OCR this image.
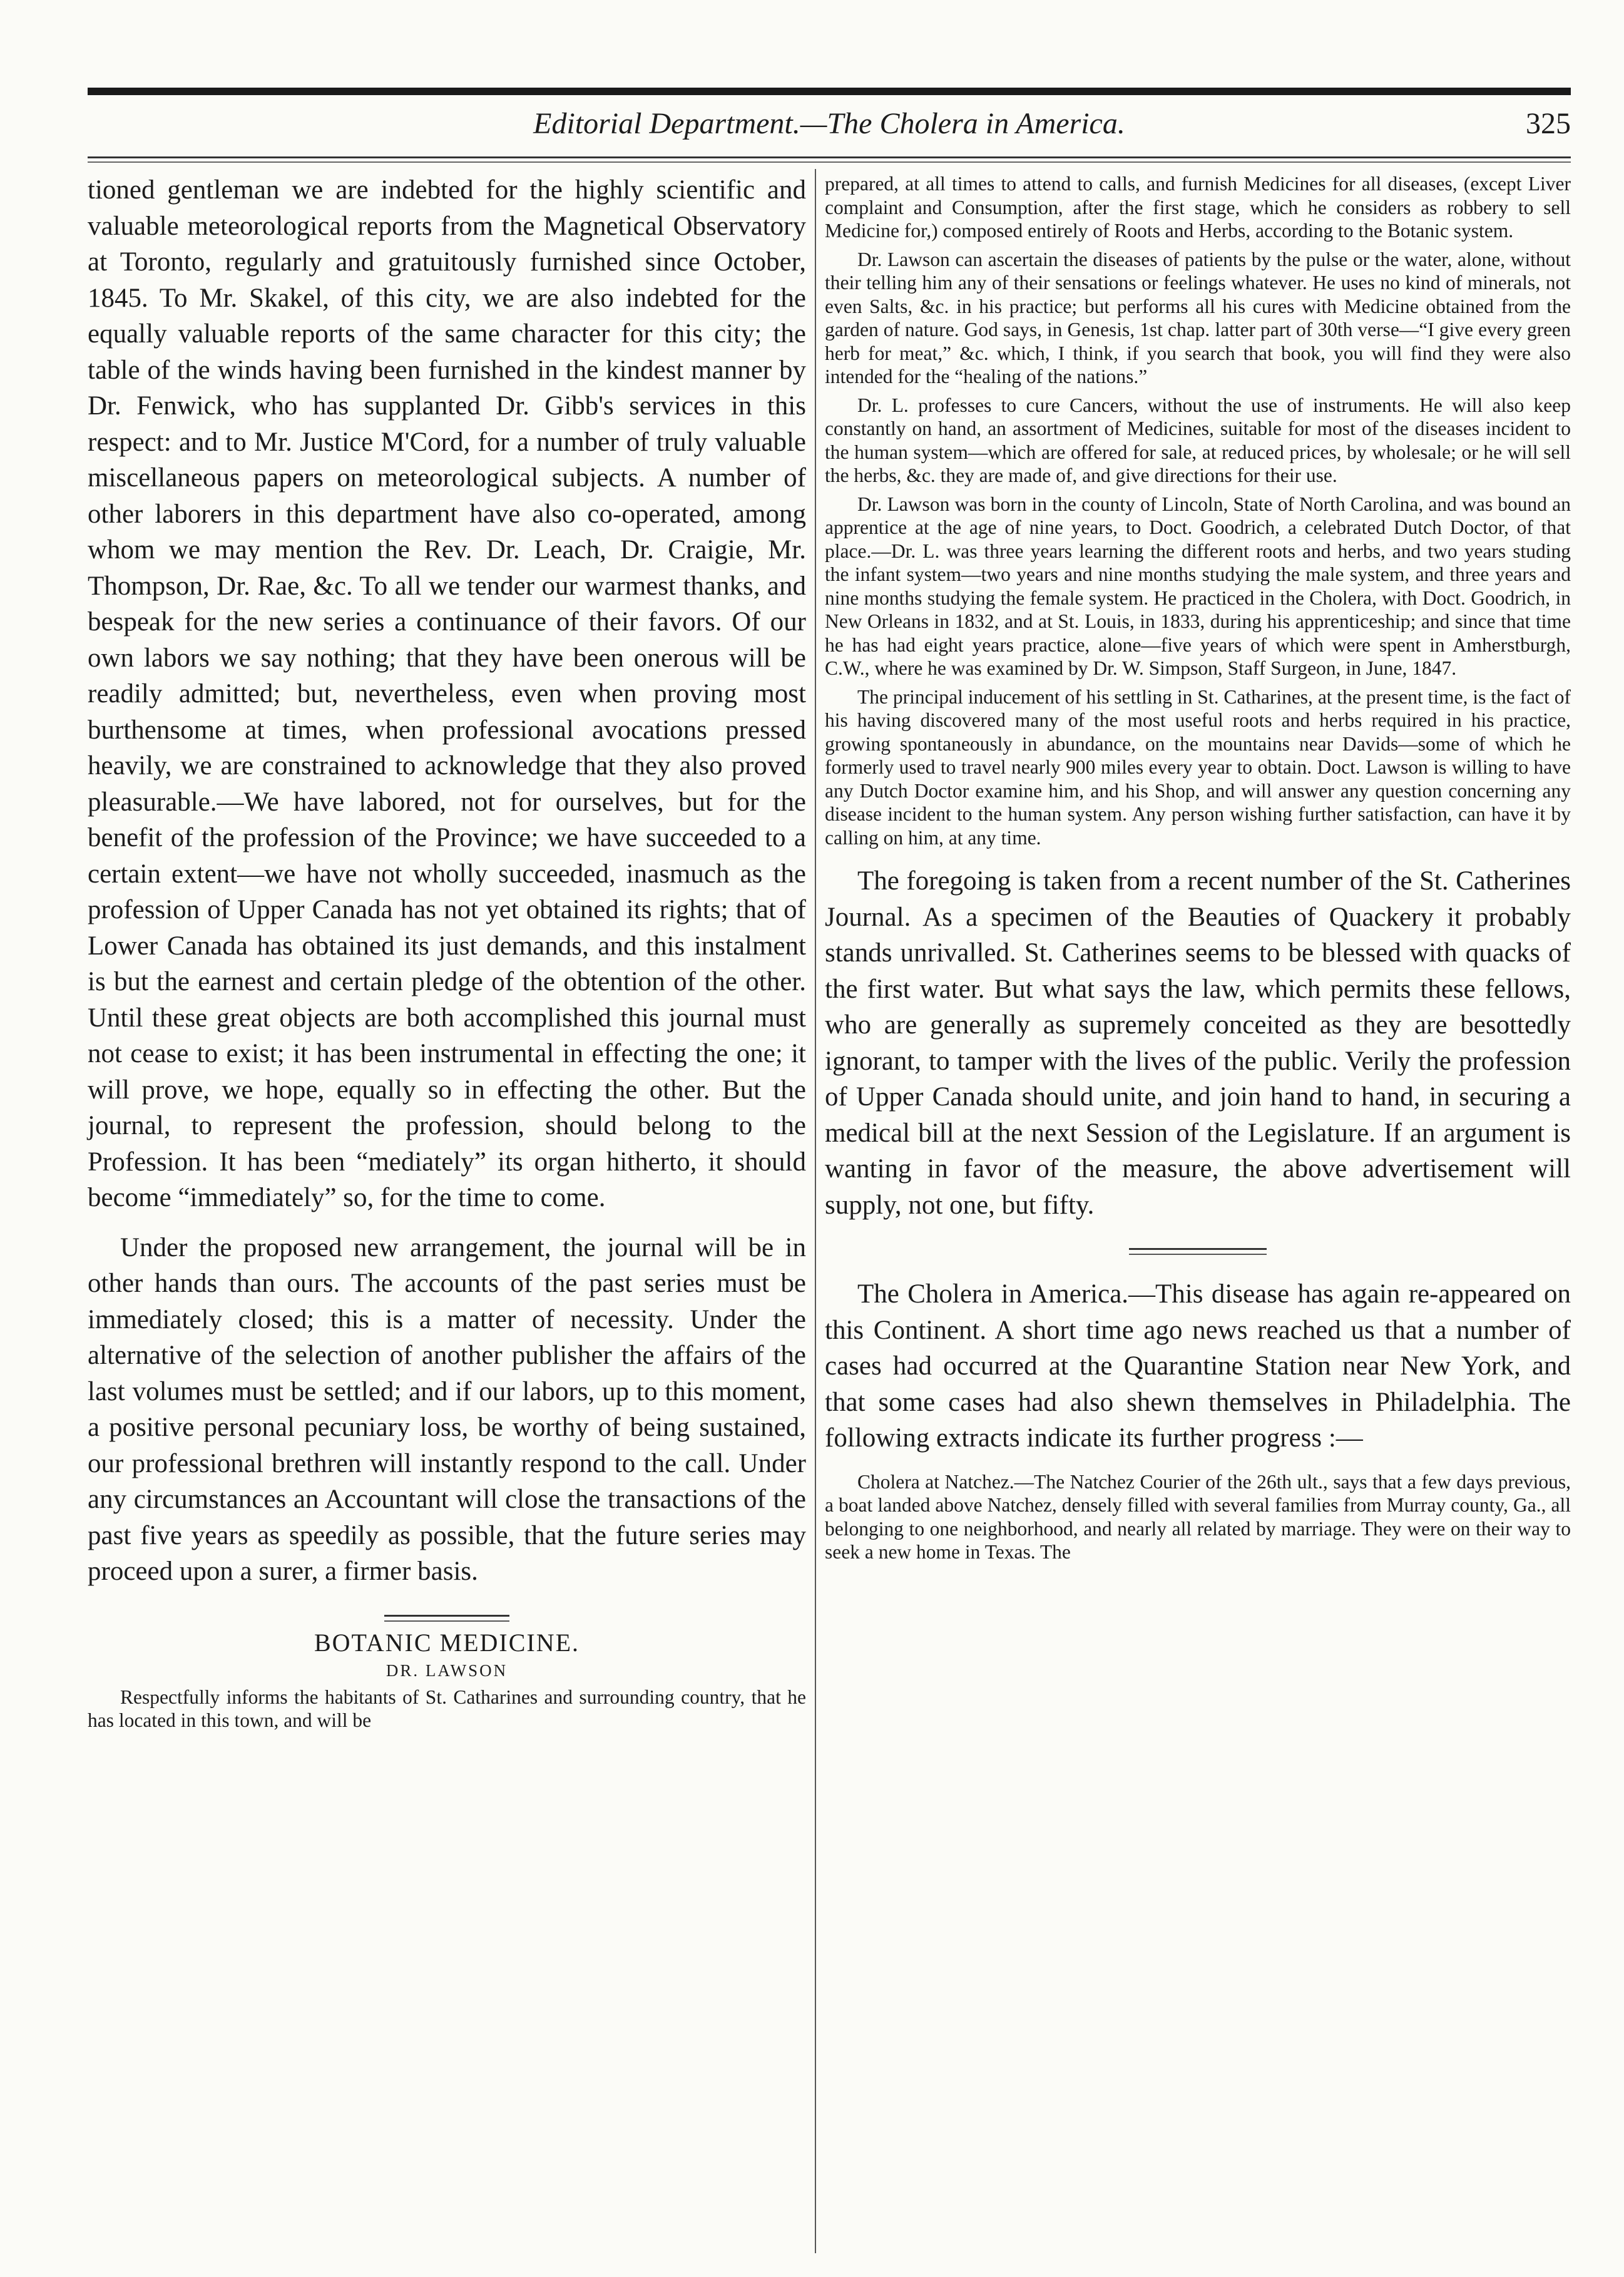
Editorial Department.—The Cholera in America.	325

tioned gentleman we are indebted for the highly scientific and valuable meteorological reports from the Magnetical Observatory at Toronto, regularly and gratuitously furnished since October, 1845. To Mr. Skakel, of this city, we are also indebted for the equally valuable reports of the same character for this city; the table of the winds having been furnished in the kindest manner by Dr. Fenwick, who has supplanted Dr. Gibb's services in this respect: and to Mr. Justice M'Cord, for a number of truly valuable miscellaneous papers on meteorological subjects. A number of other laborers in this department have also co-operated, among whom we may mention the Rev. Dr. Leach, Dr. Craigie, Mr. Thompson, Dr. Rae, &c. To all we tender our warmest thanks, and bespeak for the new series a continuance of their favors. Of our own labors we say nothing; that they have been onerous will be readily admitted; but, nevertheless, even when proving most burthensome at times, when professional avocations pressed heavily, we are constrained to acknowledge that they also proved pleasurable.—We have labored, not for ourselves, but for the benefit of the profession of the Province; we have succeeded to a certain extent—we have not wholly succeeded, inasmuch as the profession of Upper Canada has not yet obtained its rights; that of Lower Canada has obtained its just demands, and this instalment is but the earnest and certain pledge of the obtention of the other. Until these great objects are both accomplished this journal must not cease to exist; it has been instrumental in effecting the one; it will prove, we hope, equally so in effecting the other. But the journal, to represent the profession, should belong to the Profession. It has been “mediately” its organ hitherto, it should become “immediately” so, for the time to come.

Under the proposed new arrangement, the journal will be in other hands than ours. The accounts of the past series must be immediately closed; this is a matter of necessity. Under the alternative of the selection of another publisher the affairs of the last volumes must be settled; and if our labors, up to this moment, a positive personal pecuniary loss, be worthy of being sustained, our professional brethren will instantly respond to the call. Under any circumstances an Accountant will close the transactions of the past five years as speedily as possible, that the future series may proceed upon a surer, a firmer basis.

BOTANIC MEDICINE.
DR. LAWSON

Respectfully informs the habitants of St. Catharines and surrounding country, that he has located in this town, and will be

prepared, at all times to attend to calls, and furnish Medicines for all diseases, (except Liver complaint and Consumption, after the first stage, which he considers as robbery to sell Medicine for,) composed entirely of Roots and Herbs, according to the Botanic system.

Dr. Lawson can ascertain the diseases of patients by the pulse or the water, alone, without their telling him any of their sensations or feelings whatever. He uses no kind of minerals, not even Salts, &c. in his practice; but performs all his cures with Medicine obtained from the garden of nature. God says, in Genesis, 1st chap. latter part of 30th verse—“I give every green herb for meat,” &c. which, I think, if you search that book, you will find they were also intended for the “healing of the nations.”

Dr. L. professes to cure Cancers, without the use of instruments. He will also keep constantly on hand, an assortment of Medicines, suitable for most of the diseases incident to the human system—which are offered for sale, at reduced prices, by wholesale; or he will sell the herbs, &c. they are made of, and give directions for their use.

Dr. Lawson was born in the county of Lincoln, State of North Carolina, and was bound an apprentice at the age of nine years, to Doct. Goodrich, a celebrated Dutch Doctor, of that place.—Dr. L. was three years learning the different roots and herbs, and two years studing the infant system—two years and nine months studying the male system, and three years and nine months studying the female system. He practiced in the Cholera, with Doct. Goodrich, in New Orleans in 1832, and at St. Louis, in 1833, during his apprenticeship; and since that time he has had eight years practice, alone—five years of which were spent in Amherstburgh, C.W., where he was examined by Dr. W. Simpson, Staff Surgeon, in June, 1847.

The principal inducement of his settling in St. Catharines, at the present time, is the fact of his having discovered many of the most useful roots and herbs required in his practice, growing spontaneously in abundance, on the mountains near Davids—some of which he formerly used to travel nearly 900 miles every year to obtain. Doct. Lawson is willing to have any Dutch Doctor examine him, and his Shop, and will answer any question concerning any disease incident to the human system. Any person wishing further satisfaction, can have it by calling on him, at any time.

The foregoing is taken from a recent number of the St. Catherines Journal. As a specimen of the Beauties of Quackery it probably stands unrivalled. St. Catherines seems to be blessed with quacks of the first water. But what says the law, which permits these fellows, who are generally as supremely conceited as they are besottedly ignorant, to tamper with the lives of the public. Verily the profession of Upper Canada should unite, and join hand to hand, in securing a medical bill at the next Session of the Legislature. If an argument is wanting in favor of the measure, the above advertisement will supply, not one, but fifty.

The Cholera in America.—This disease has again re-appeared on this Continent. A short time ago news reached us that a number of cases had occurred at the Quarantine Station near New York, and that some cases had also shewn themselves in Philadelphia. The following extracts indicate its further progress :—

Cholera at Natchez.—The Natchez Courier of the 26th ult., says that a few days previous, a boat landed above Natchez, densely filled with several families from Murray county, Ga., all belonging to one neighborhood, and nearly all related by marriage. They were on their way to seek a new home in Texas. The
